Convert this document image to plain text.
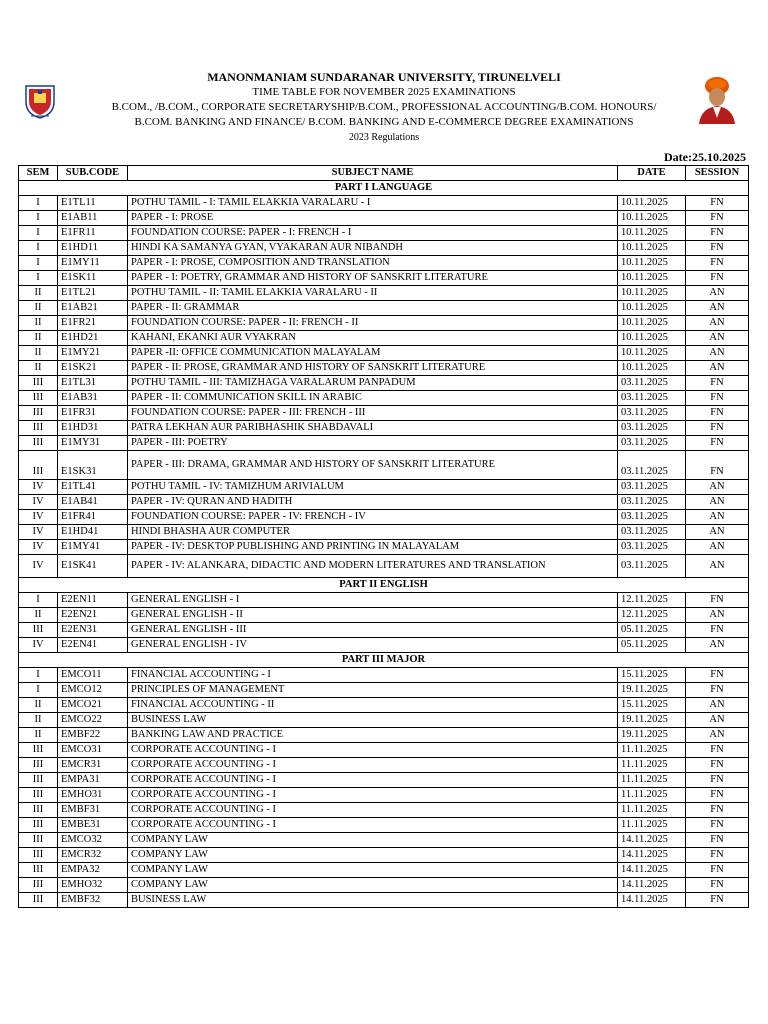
MANONMANIAM SUNDARANAR UNIVERSITY, TIRUNELVELI
TIME TABLE FOR NOVEMBER 2025 EXAMINATIONS
B.COM., /B.COM., CORPORATE SECRETARYSHIP/B.COM., PROFESSIONAL ACCOUNTING/B.COM. HONOURS/
B.COM. BANKING AND FINANCE/ B.COM. BANKING AND E-COMMERCE DEGREE EXAMINATIONS
2023 Regulations
Date:25.10.2025
SEM	SUB.CODE	SUBJECT NAME	DATE	SESSION
PART I LANGUAGE				
I	E1TL11	POTHU TAMIL - I: TAMIL ELAKKIA VARALARU - I	10.11.2025	FN
I	E1AB11	PAPER - I: PROSE	10.11.2025	FN
I	E1FR11	FOUNDATION COURSE: PAPER - I: FRENCH - I	10.11.2025	FN
I	E1HD11	HINDI KA SAMANYA GYAN, VYAKARAN AUR NIBANDH	10.11.2025	FN
I	E1MY11	PAPER - I: PROSE, COMPOSITION AND TRANSLATION	10.11.2025	FN
I	E1SK11	PAPER - I: POETRY, GRAMMAR AND HISTORY OF SANSKRIT LITERATURE	10.11.2025	FN
II	E1TL21	POTHU TAMIL - II: TAMIL ELAKKIA VARALARU - II	10.11.2025	AN
II	E1AB21	PAPER - II: GRAMMAR	10.11.2025	AN
II	E1FR21	FOUNDATION COURSE: PAPER - II: FRENCH - II	10.11.2025	AN
II	E1HD21	KAHANI, EKANKI AUR VYAKRAN	10.11.2025	AN
II	E1MY21	PAPER -II: OFFICE COMMUNICATION MALAYALAM	10.11.2025	AN
II	E1SK21	PAPER - II: PROSE, GRAMMAR AND HISTORY OF SANSKRIT LITERATURE	10.11.2025	AN
III	E1TL31	POTHU TAMIL - III: TAMIZHAGA VARALARUM PANPADUM	03.11.2025	FN
III	E1AB31	PAPER - II: COMMUNICATION SKILL IN ARABIC	03.11.2025	FN
III	E1FR31	FOUNDATION COURSE: PAPER - III: FRENCH - III	03.11.2025	FN
III	E1HD31	PATRA LEKHAN AUR PARIBHASHIK SHABDAVALI	03.11.2025	FN
III	E1MY31	PAPER - III: POETRY	03.11.2025	FN
III	E1SK31	PAPER - III: DRAMA, GRAMMAR AND HISTORY OF SANSKRIT LITERATURE	03.11.2025	FN
IV	E1TL41	POTHU TAMIL - IV: TAMIZHUM ARIVIALUM	03.11.2025	AN
IV	E1AB41	PAPER - IV: QURAN AND HADITH	03.11.2025	AN
IV	E1FR41	FOUNDATION COURSE: PAPER - IV: FRENCH - IV	03.11.2025	AN
IV	E1HD41	HINDI BHASHA AUR COMPUTER	03.11.2025	AN
IV	E1MY41	PAPER - IV: DESKTOP PUBLISHING AND PRINTING IN MALAYALAM	03.11.2025	AN
IV	E1SK41	PAPER - IV: ALANKARA, DIDACTIC AND MODERN LITERATURES AND TRANSLATION	03.11.2025	AN
PART II ENGLISH				
I	E2EN11	GENERAL ENGLISH - I	12.11.2025	FN
II	E2EN21	GENERAL ENGLISH - II	12.11.2025	AN
III	E2EN31	GENERAL ENGLISH - III	05.11.2025	FN
IV	E2EN41	GENERAL ENGLISH - IV	05.11.2025	AN
PART III MAJOR				
I	EMCO11	FINANCIAL ACCOUNTING - I	15.11.2025	FN
I	EMCO12	PRINCIPLES OF MANAGEMENT	19.11.2025	FN
II	EMCO21	FINANCIAL ACCOUNTING - II	15.11.2025	AN
II	EMCO22	BUSINESS LAW	19.11.2025	AN
II	EMBF22	BANKING LAW AND PRACTICE	19.11.2025	AN
III	EMCO31	CORPORATE ACCOUNTING - I	11.11.2025	FN
III	EMCR31	CORPORATE ACCOUNTING - I	11.11.2025	FN
III	EMPA31	CORPORATE ACCOUNTING - I	11.11.2025	FN
III	EMHO31	CORPORATE ACCOUNTING - I	11.11.2025	FN
III	EMBF31	CORPORATE ACCOUNTING - I	11.11.2025	FN
III	EMBE31	CORPORATE ACCOUNTING - I	11.11.2025	FN
III	EMCO32	COMPANY LAW	14.11.2025	FN
III	EMCR32	COMPANY LAW	14.11.2025	FN
III	EMPA32	COMPANY LAW	14.11.2025	FN
III	EMHO32	COMPANY LAW	14.11.2025	FN
III	EMBF32	BUSINESS LAW	14.11.2025	FN
